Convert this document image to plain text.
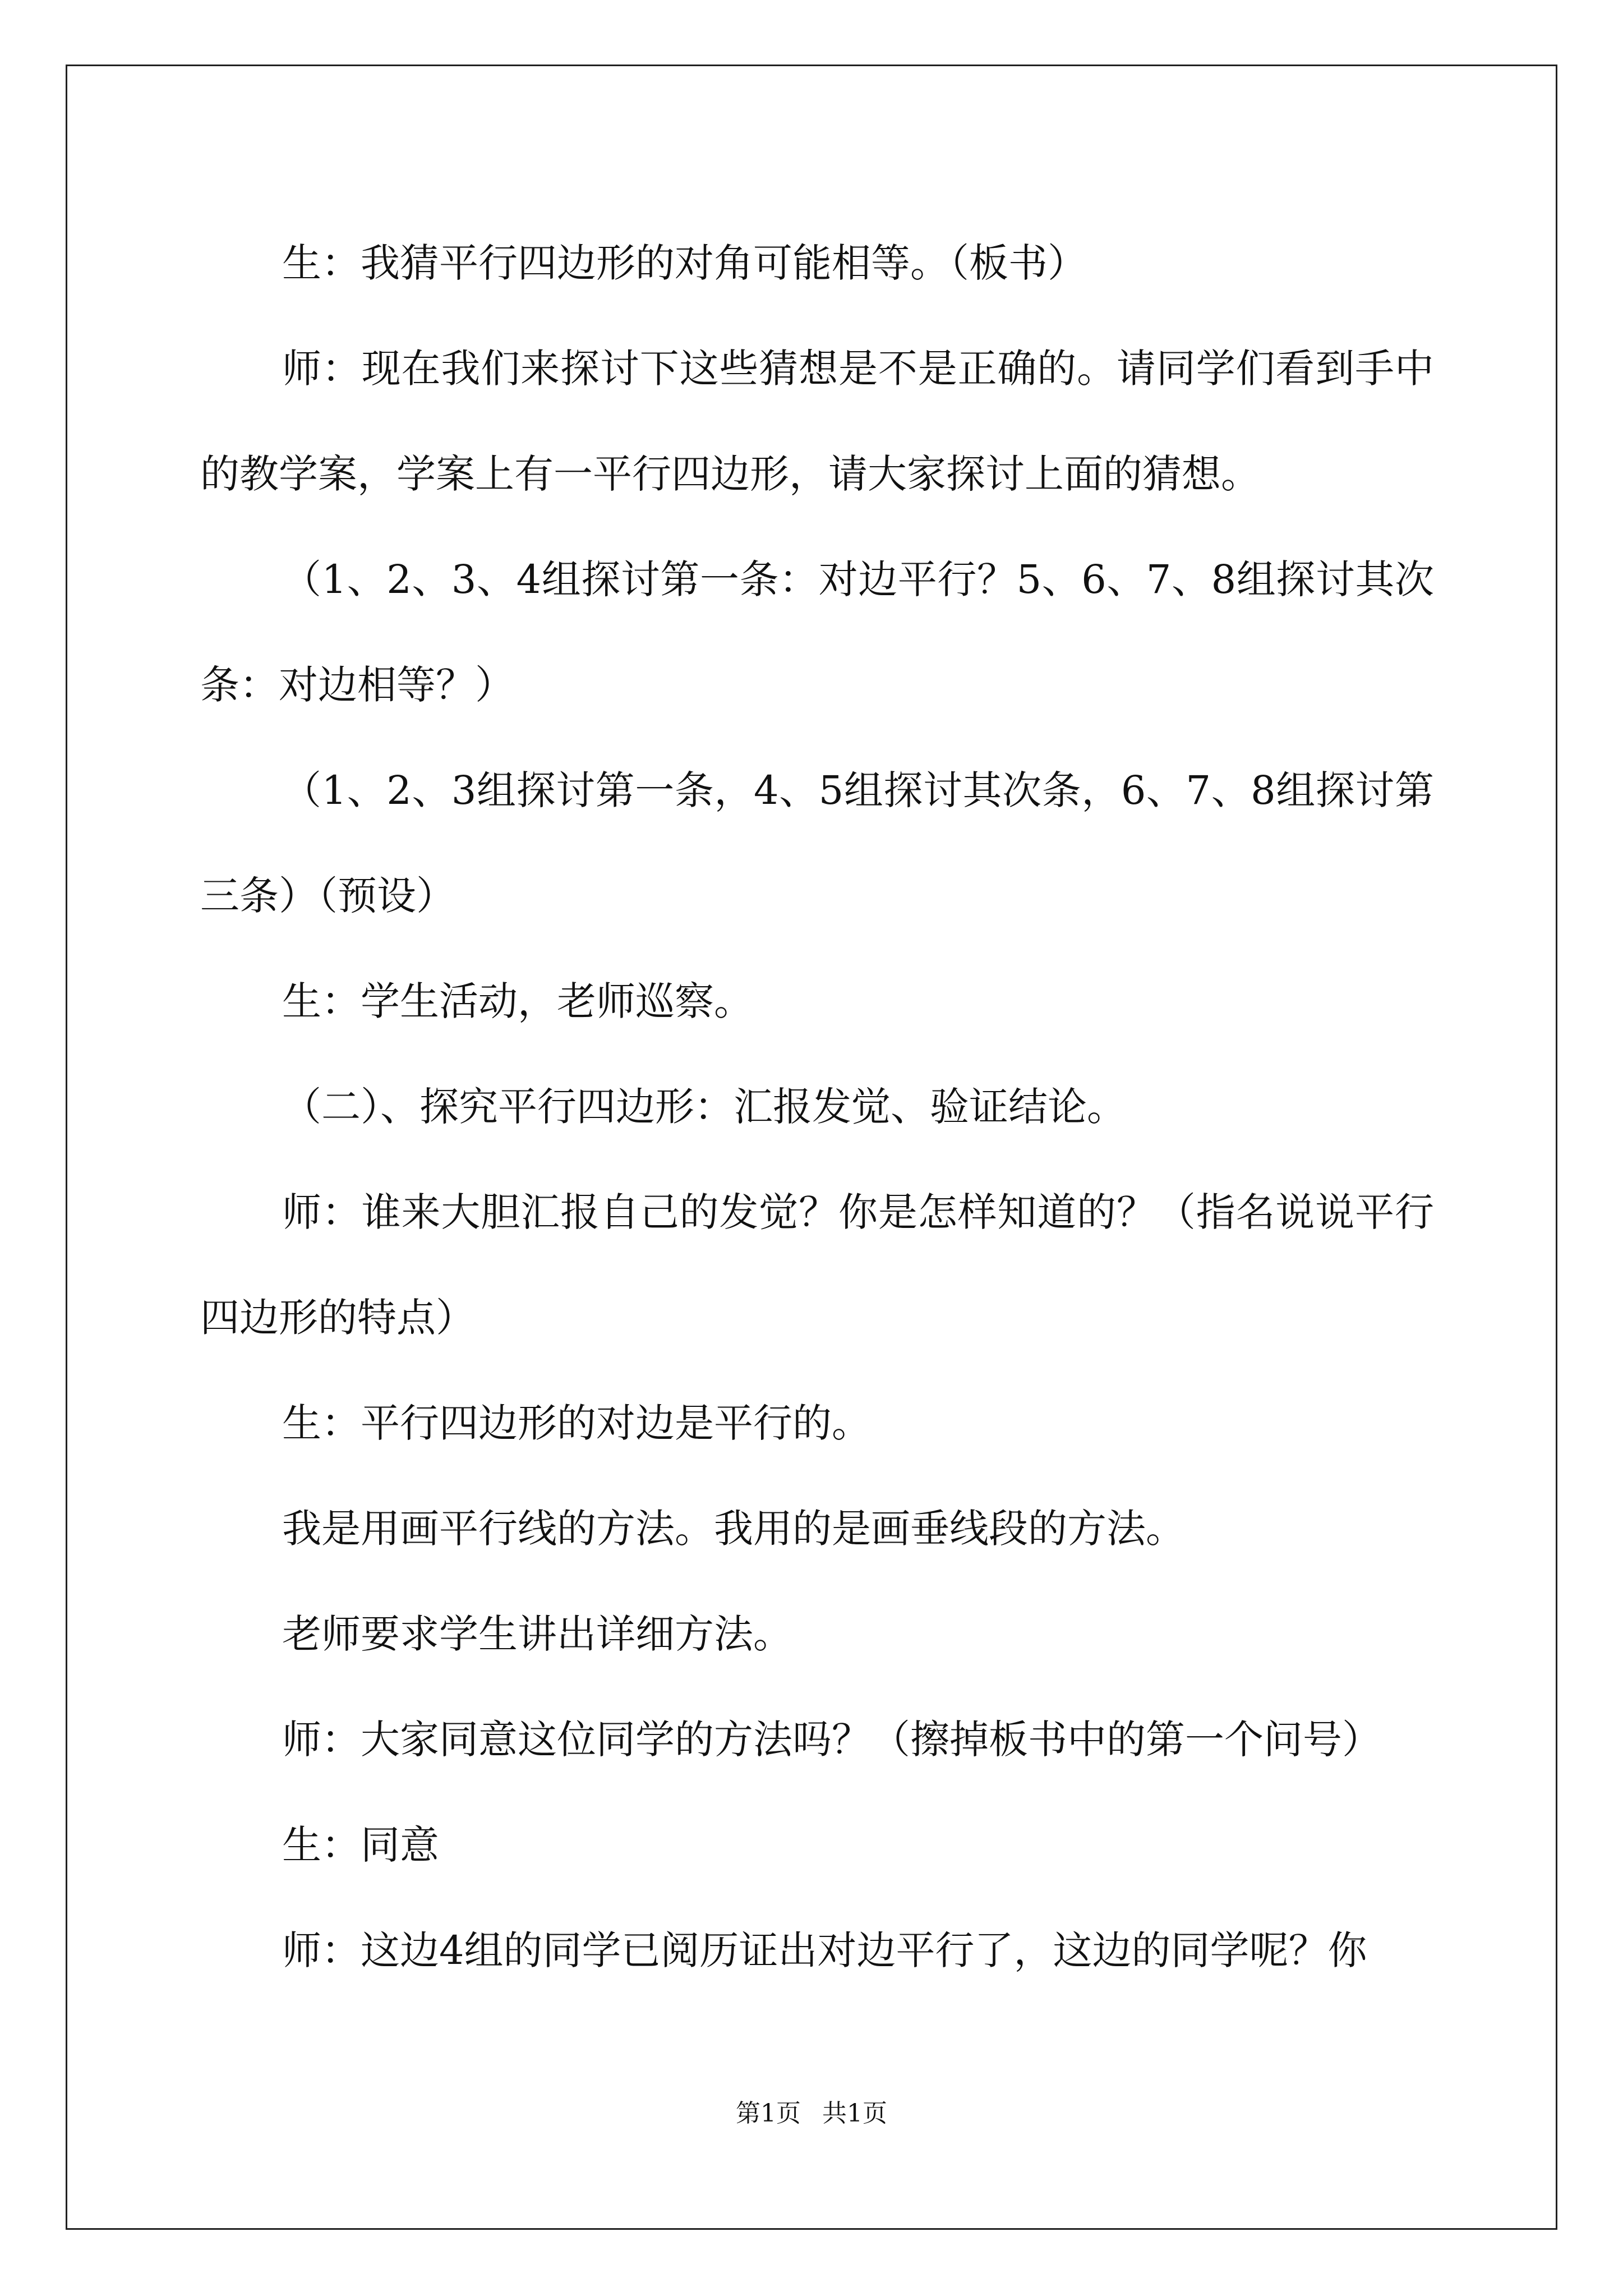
生：我猜平行四边形的对角可能相等。（板书）

师：现在我们来探讨下这些猜想是不是正确的。请同学们看到手中的教学案，学案上有一平行四边形，请大家探讨上面的猜想。

（1、2、3、4组探讨第一条：对边平行？5、6、7、8组探讨其次条：对边相等？）

（1、2、3组探讨第一条，4、5组探讨其次条，6、7、8组探讨第三条）（预设）

生：学生活动，老师巡察。

（二）、探究平行四边形：汇报发觉、验证结论。

师：谁来大胆汇报自己的发觉？你是怎样知道的？（指名说说平行四边形的特点）

生：平行四边形的对边是平行的。

我是用画平行线的方法。我用的是画垂线段的方法。

老师要求学生讲出详细方法。

师：大家同意这位同学的方法吗？（擦掉板书中的第一个问号）

生：同意

师：这边4组的同学已阅历证出对边平行了，这边的同学呢？你

第1页 共1页
